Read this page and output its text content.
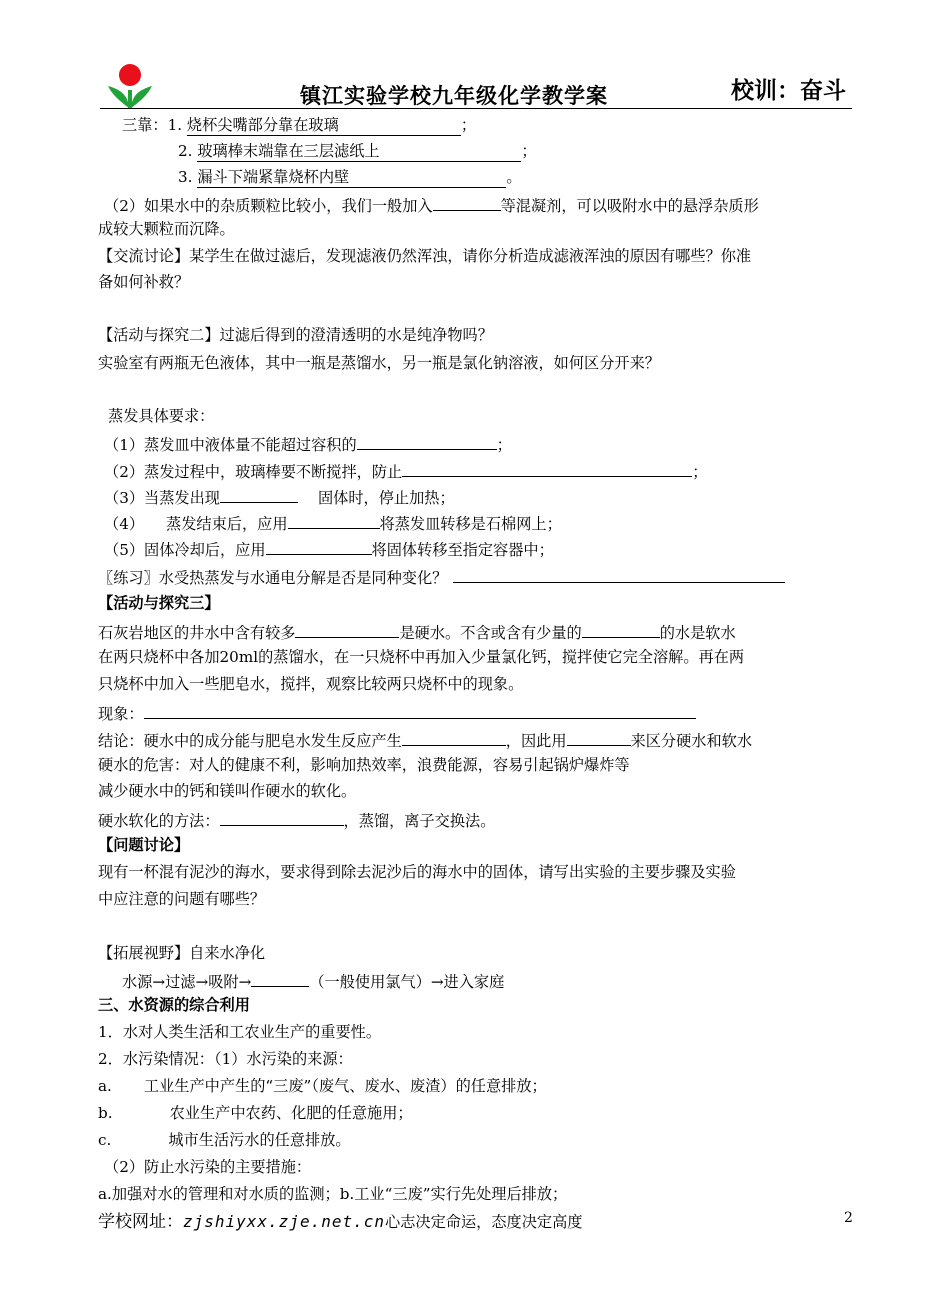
镇江实验学校九年级化学教学案	校训：奋斗
三靠：1. 烧杯尖嘴部分靠在玻璃	；
2. 玻璃棒末端靠在三层滤纸上	；
3. 漏斗下端紧靠烧杯内壁	。
（2）如果水中的杂质颗粒比较小，我们一般加入	等混凝剂，可以吸附水中的悬浮杂质形
成较大颗粒而沉降。
【交流讨论】某学生在做过滤后，发现滤液仍然浑浊，请你分析造成滤液浑浊的原因有哪些？你准
备如何补救？
【活动与探究二】过滤后得到的澄清透明的水是纯净物吗？
实验室有两瓶无色液体，其中一瓶是蒸馏水，另一瓶是氯化钠溶液，如何区分开来？
蒸发具体要求：
（1）蒸发皿中液体量不能超过容积的	；
（2）蒸发过程中，玻璃棒要不断搅拌，防止	；
（3）当蒸发出现	固体时，停止加热；
（4） 蒸发结束后，应用	将蒸发皿转移是石棉网上；
（5）固体冷却后，应用	将固体转移至指定容器中；
〖练习〗水受热蒸发与水通电分解是否是同种变化？
【活动与探究三】
石灰岩地区的井水中含有较多	是硬水。不含或含有少量的	的水是软水
在两只烧杯中各加20ml的蒸馏水，在一只烧杯中再加入少量氯化钙，搅拌使它完全溶解。再在两
只烧杯中加入一些肥皂水，搅拌，观察比较两只烧杯中的现象。
现象：
结论：硬水中的成分能与肥皂水发生反应产生	，因此用	来区分硬水和软水
硬水的危害：对人的健康不利，影响加热效率，浪费能源，容易引起锅炉爆炸等
减少硬水中的钙和镁叫作硬水的软化。
硬水软化的方法：	，蒸馏，离子交换法。
【问题讨论】
现有一杯混有泥沙的海水，要求得到除去泥沙后的海水中的固体，请写出实验的主要步骤及实验
中应注意的问题有哪些？
【拓展视野】自来水净化
水源→过滤→吸附→	（一般使用氯气）→进入家庭
三、水资源的综合利用
1．水对人类生活和工农业生产的重要性。
2．水污染情况：（1）水污染的来源：
a. 工业生产中产生的“三废”（废气、废水、废渣）的任意排放；
b.	农业生产中农药、化肥的任意施用；
c.	城市生活污水的任意排放。
（2）防止水污染的主要措施：
a.加强对水的管理和对水质的监测；b.工业“三废”实行先处理后排放；
学校网址：zjshiyxx.zje.net.cn心志决定命运，态度决定高度	2
